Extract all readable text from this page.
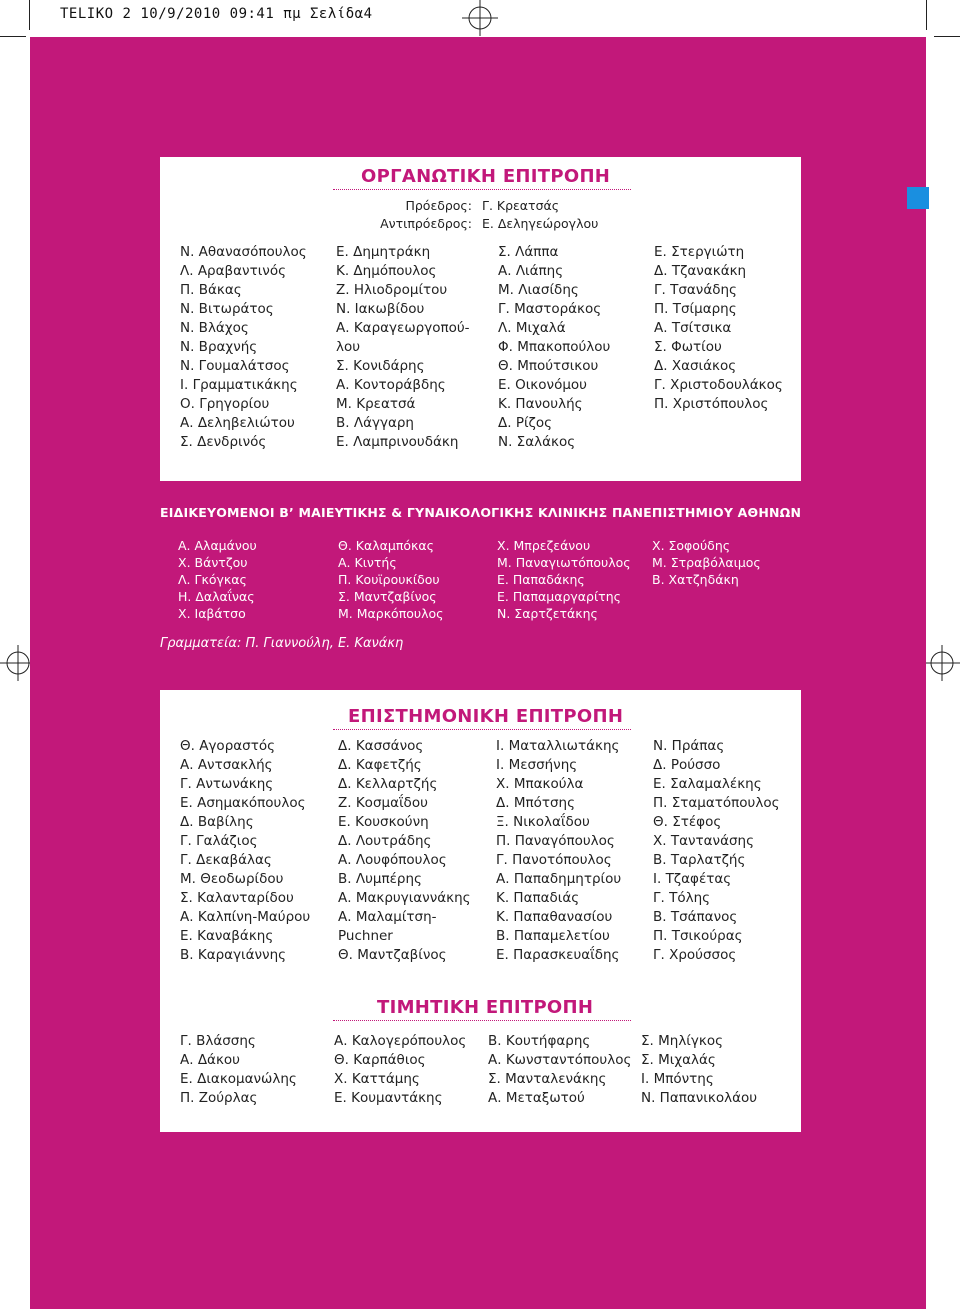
TELIKO 2 10/9/2010 09:41 πμ Σελίδα4
ΟΡΓΑΝΩΤΙΚΗ ΕΠΙΤΡΟΠΗ
Πρόεδρος: Γ. Κρεατσάς
Αντιπρόεδρος: Ε. Δεληγεώρογλου
Ν. Αθανασόπουλος
Λ. Αραβαντινός
Π. Βάκας
Ν. Βιτωράτος
Ν. Βλάχος
Ν. Βραχνής
Ν. Γουμαλάτσος
Ι. Γραμματικάκης
Ο. Γρηγορίου
Α. Δεληβελιώτου
Σ. Δενδρινός
Ε. Δημητράκη
Κ. Δημόπουλος
Ζ. Ηλιοδρομίτου
Ν. Ιακωβίδου
Α. Καραγεωργοπού-
λου
Σ. Κονιδάρης
Α. Κοντοράβδης
Μ. Κρεατσά
Β. Λάγγαρη
Ε. Λαμπρινουδάκη
Σ. Λάππα
Α. Λιάπης
Μ. Λιασίδης
Γ. Μαστοράκος
Λ. Μιχαλά
Φ. Μπακοπούλου
Θ. Μπούτσικου
Ε. Οικονόμου
Κ. Πανουλής
Δ. Ρίζος
Ν. Σαλάκος
Ε. Στεργιώτη
Δ. Τζανακάκη
Γ. Τσανάδης
Π. Τσίμαρης
Α. Τσίτσικα
Σ. Φωτίου
Δ. Χασιάκος
Γ. Χριστοδουλάκος
Π. Χριστόπουλος
ΕΙΔΙΚΕΥΟΜΕΝΟΙ Β’ ΜΑΙΕΥΤΙΚΗΣ & ΓΥΝΑΙΚΟΛΟΓΙΚΗΣ ΚΛΙΝΙΚΗΣ ΠΑΝΕΠΙΣΤΗΜΙΟΥ ΑΘΗΝΩΝ
Α. Αλαμάνου
Χ. Βάντζου
Λ. Γκόγκας
Η. Δαλαΐνας
Χ. Ιαβάτσο
Θ. Καλαμπόκας
Α. Κιντής
Π. Κουϊρουκίδου
Σ. Μαντζαβίνος
Μ. Μαρκόπουλος
Χ. Μπρεζεάνου
Μ. Παναγιωτόπουλος
Ε. Παπαδάκης
Ε. Παπαμαργαρίτης
Ν. Σαρτζετάκης
Χ. Σοφούδης
Μ. Στραβόλαιμος
Β. Χατζηδάκη
Γραμματεία: Π. Γιαννούλη, Ε. Κανάκη
ΕΠΙΣΤΗΜΟΝΙΚΗ ΕΠΙΤΡΟΠΗ
Θ. Αγοραστός
Α. Αντσακλής
Γ. Αντωνάκης
Ε. Ασημακόπουλος
Δ. Βαβίλης
Γ. Γαλάζιος
Γ. Δεκαβάλας
Μ. Θεοδωρίδου
Σ. Καλανταρίδου
Α. Καλπίνη-Μαύρου
Ε. Καναβάκης
Β. Καραγιάννης
Δ. Κασσάνος
Δ. Καφετζής
Δ. Κελλαρτζής
Ζ. Κοσμαΐδου
Ε. Κουσκούνη
Δ. Λουτράδης
Α. Λουφόπουλος
Β. Λυμπέρης
Α. Μακρυγιαννάκης
Α. Μαλαμίτση-
Puchner
Θ. Μαντζαβίνος
Ι. Ματαλλιωτάκης
Ι. Μεσσήνης
Χ. Μπακούλα
Δ. Μπότσης
Ξ. Νικολαΐδου
Π. Παναγόπουλος
Γ. Πανοτόπουλος
Α. Παπαδημητρίου
Κ. Παπαδιάς
Κ. Παπαθανασίου
Β. Παπαμελετίου
Ε. Παρασκευαΐδης
Ν. Πράπας
Δ. Ρούσσο
Ε. Σαλαμαλέκης
Π. Σταματόπουλος
Θ. Στέφος
Χ. Ταντανάσης
Β. Ταρλατζής
Ι. Τζαφέτας
Γ. Τόλης
Β. Τσάπανος
Π. Τσικούρας
Γ. Χρούσσος
ΤΙΜΗΤΙΚΗ ΕΠΙΤΡΟΠΗ
Γ. Βλάσσης
Α. Δάκου
Ε. Διακομανώλης
Π. Ζούρλας
Α. Καλογερόπουλος
Θ. Καρπάθιος
Χ. Καττάμης
Ε. Κουμαντάκης
Β. Κουτήφαρης
Α. Κωνσταντόπουλος
Σ. Μανταλενάκης
Α. Μεταξωτού
Σ. Μηλίγκος
Σ. Μιχαλάς
Ι. Μπόντης
Ν. Παπανικολάου
